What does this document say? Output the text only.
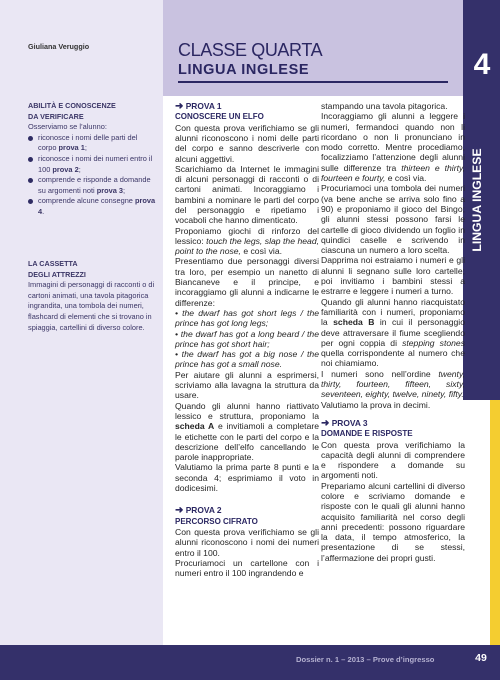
Giuliana Veruggio	CLASSE QUARTA
LINGUA INGLESE	4
LINGUA INGLESE
ABILITÀ E CONOSCENZE
DA VERIFICARE
Osserviamo se l’alunno:
riconosce i nomi delle parti del corpo prova 1;
riconosce i nomi dei numeri entro il 100 prova 2;
comprende e risponde a domande su argomenti noti prova 3;
comprende alcune consegne prova 4.
LA CASSETTA
DEGLI ATTREZZI
Immagini di personaggi di racconti o di cartoni animati, una tavola pitagorica ingrandita, una tombola dei numeri, flashcard di elementi che si trovano in spiaggia, cartellini di diverso colore.

➜ PROVA 1

CONOSCERE UN ELFO

Con questa prova verifichiamo se gli alunni riconoscono i nomi delle parti del corpo e sanno descriverle con alcuni aggettivi.

Scarichiamo da Internet le immagini di alcuni personaggi di racconti o di cartoni animati. Incoraggiamo i bambini a nominare le parti del corpo del personaggio e ripetiamo i vocaboli che hanno dimenticato.

Proponiamo giochi di rinforzo del lessico: touch the legs, slap the head, point to the nose, e così via.

Presentiamo due personaggi diversi tra loro, per esempio un nanetto di Biancaneve e il principe, e incoraggiamo gli alunni a indicarne le differenze:

• the dwarf has got short legs / the prince has got long legs;

• the dwarf has got a long beard / the prince has got short hair;

• the dwarf has got a big nose / the prince has got a small nose.

Per aiutare gli alunni a esprimersi, scriviamo alla lavagna la struttura da usare.

Quando gli alunni hanno riattivato lessico e struttura, proponiamo la scheda A e invitiamoli a completare le etichette con le parti del corpo e la descrizione dell’elfo cancellando le parole inappropriate.

Valutiamo la prima parte 8 punti e la seconda 4; esprimiamo il voto in dodicesimi.

➜ PROVA 2

PERCORSO CIFRATO

Con questa prova verifichiamo se gli alunni riconoscono i nomi dei numeri entro il 100.

Procuriamoci un cartellone con i numeri entro il 100 ingrandendo e

stampando una tavola pitagorica.

Incoraggiamo gli alunni a leggere i numeri, fermandoci quando non li ricordano o non li pronunciano in modo corretto. Mentre procediamo, focalizziamo l’attenzione degli alunni sulle differenze tra thirteen e thirty, fourteen e fourty, e così via.

Procuriamoci una tombola dei numeri (va bene anche se arriva solo fino a 90) e proponiamo il gioco del Bingo; gli alunni stessi possono farsi le cartelle di gioco dividendo un foglio in quindici caselle e scrivendo in ciascuna un numero a loro scelta.

Dapprima noi estraiamo i numeri e gli alunni li segnano sulle loro cartelle; poi invitiamo i bambini stessi a estrarre e leggere i numeri a turno.

Quando gli alunni hanno riacquistato familiarità con i numeri, proponiamo la scheda B in cui il personaggio deve attraversare il fiume scegliendo per ogni coppia di stepping stones quella corrispondente al numero che noi chiamiamo.

I numeri sono nell’ordine twenty, thirty, fourteen, fifteen, sixty, seventeen, eighty, twelve, ninety, fifty.

Valutiamo la prova in decimi.

➜ PROVA 3

DOMANDE E RISPOSTE

Con questa prova verifichiamo la capacità degli alunni di comprendere e rispondere a domande su argomenti noti.

Prepariamo alcuni cartellini di diverso colore e scriviamo domande e risposte con le quali gli alunni hanno acquisito familiarità nel corso degli anni precedenti: possono riguardare la data, il tempo atmosferico, la presentazione di se stessi, l’affermazione dei propri gusti.

Dossier n. 1 – 2013 – Prove d’ingresso	49
